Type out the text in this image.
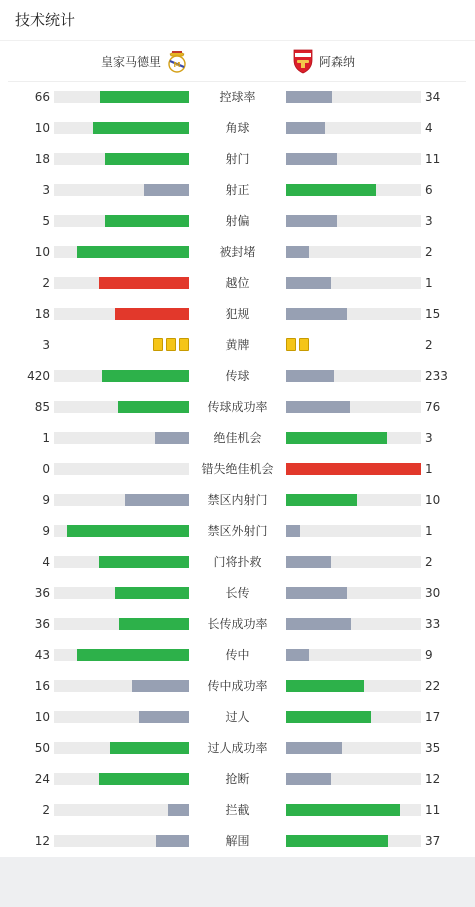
技术统计
皇家马德里 M	阿森纳
66	控球率	34
10	角球	4
18	射门	11
3	射正	6
5	射偏	3
10	被封堵	2
2	越位	1
18	犯规	15
3	黄牌	2
420	传球	233
85	传球成功率	76
1	绝佳机会	3
0	错失绝佳机会	1
9	禁区内射门	10
9	禁区外射门	1
4	门将扑救	2
36	长传	30
36	长传成功率	33
43	传中	9
16	传中成功率	22
10	过人	17
50	过人成功率	35
24	抢断	12
2	拦截	11
12	解围	37
